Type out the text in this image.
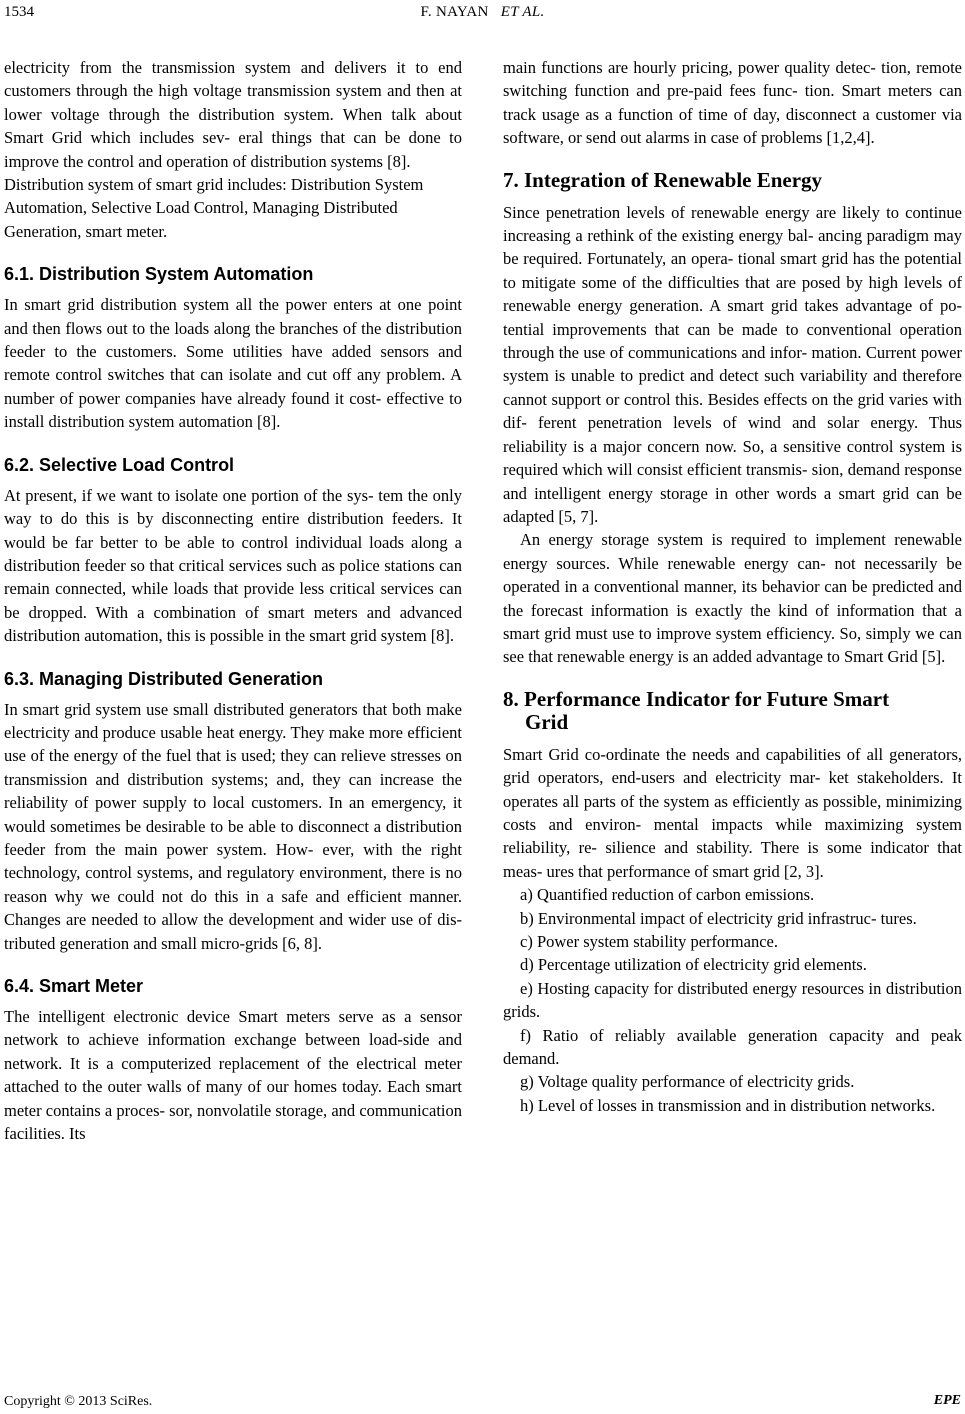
1534	F. NAYAN ET AL.

electricity from the transmission system and delivers it to end customers through the high voltage transmission system and then at lower voltage through the distribution system. When talk about Smart Grid which includes sev- eral things that can be done to improve the control and operation of distribution systems [8].

Distribution system of smart grid includes: Distribution System Automation, Selective Load Control, Managing Distributed Generation, smart meter.

6.1. Distribution System Automation

In smart grid distribution system all the power enters at one point and then flows out to the loads along the branches of the distribution feeder to the customers. Some utilities have added sensors and remote control switches that can isolate and cut off any problem. A number of power companies have already found it cost- effective to install distribution system automation [8].

6.2. Selective Load Control

At present, if we want to isolate one portion of the sys- tem the only way to do this is by disconnecting entire distribution feeders. It would be far better to be able to control individual loads along a distribution feeder so that critical services such as police stations can remain connected, while loads that provide less critical services can be dropped. With a combination of smart meters and advanced distribution automation, this is possible in the smart grid system [8].

6.3. Managing Distributed Generation

In smart grid system use small distributed generators that both make electricity and produce usable heat energy. They make more efficient use of the energy of the fuel that is used; they can relieve stresses on transmission and distribution systems; and, they can increase the reliability of power supply to local customers. In an emergency, it would sometimes be desirable to be able to disconnect a distribution feeder from the main power system. How- ever, with the right technology, control systems, and regulatory environment, there is no reason why we could not do this in a safe and efficient manner. Changes are needed to allow the development and wider use of dis- tributed generation and small micro-grids [6, 8].

6.4. Smart Meter

The intelligent electronic device Smart meters serve as a sensor network to achieve information exchange between load-side and network. It is a computerized replacement of the electrical meter attached to the outer walls of many of our homes today. Each smart meter contains a proces- sor, nonvolatile storage, and communication facilities. Its

main functions are hourly pricing, power quality detec- tion, remote switching function and pre-paid fees func- tion. Smart meters can track usage as a function of time of day, disconnect a customer via software, or send out alarms in case of problems [1,2,4].

7. Integration of Renewable Energy

Since penetration levels of renewable energy are likely to continue increasing a rethink of the existing energy bal- ancing paradigm may be required. Fortunately, an opera- tional smart grid has the potential to mitigate some of the difficulties that are posed by high levels of renewable energy generation. A smart grid takes advantage of po- tential improvements that can be made to conventional operation through the use of communications and infor- mation. Current power system is unable to predict and detect such variability and therefore cannot support or control this. Besides effects on the grid varies with dif- ferent penetration levels of wind and solar energy. Thus reliability is a major concern now. So, a sensitive control system is required which will consist efficient transmis- sion, demand response and intelligent energy storage in other words a smart grid can be adapted [5, 7].

An energy storage system is required to implement renewable energy sources. While renewable energy can- not necessarily be operated in a conventional manner, its behavior can be predicted and the forecast information is exactly the kind of information that a smart grid must use to improve system efficiency. So, simply we can see that renewable energy is an added advantage to Smart Grid [5].

8. Performance Indicator for Future Smart
Grid

Smart Grid co-ordinate the needs and capabilities of all generators, grid operators, end-users and electricity mar- ket stakeholders. It operates all parts of the system as efficiently as possible, minimizing costs and environ- mental impacts while maximizing system reliability, re- silience and stability. There is some indicator that meas- ures that performance of smart grid [2, 3].

a) Quantified reduction of carbon emissions.

b) Environmental impact of electricity grid infrastruc- tures.

c) Power system stability performance.

d) Percentage utilization of electricity grid elements.

e) Hosting capacity for distributed energy resources in distribution grids.

f) Ratio of reliably available generation capacity and peak demand.

g) Voltage quality performance of electricity grids.

h) Level of losses in transmission and in distribution networks.

Copyright © 2013 SciRes.	EPE
